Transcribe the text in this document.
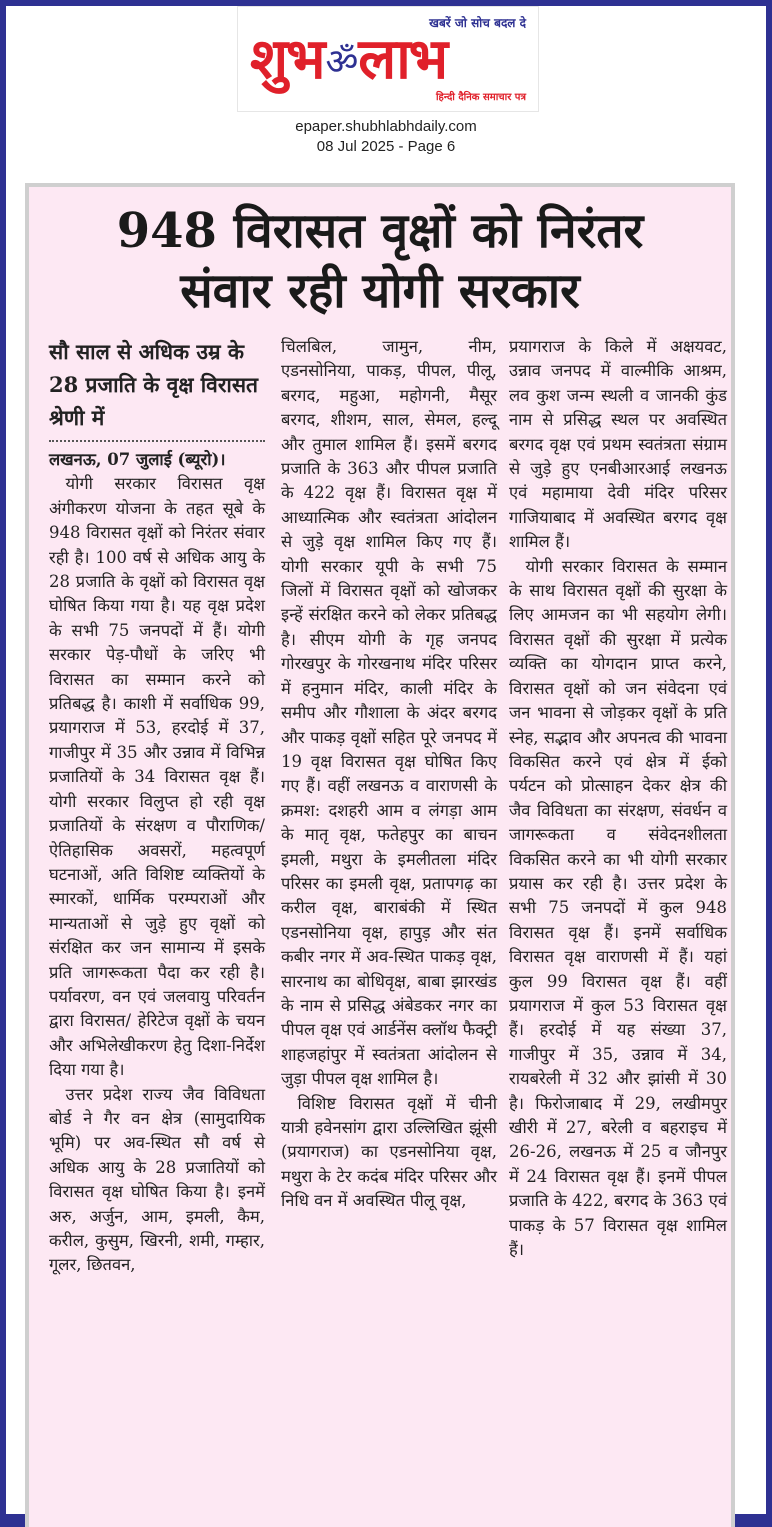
खबरें जो सोच बदल दे
शुभॐलाभ
हिन्दी दैनिक समाचार पत्र
epaper.shubhlabhdaily.com
08 Jul 2025 - Page 6
948 विरासत वृक्षों को निरंतर
संवार रही योगी सरकार
सौ साल से अधिक उम्र के 28 प्रजाति के वृक्ष विरासत श्रेणी में

लखनऊ, 07 जुलाई (ब्यूरो)।

योगी सरकार विरासत वृक्ष अंगीकरण योजना के तहत सूबे के 948 विरासत वृक्षों को निरंतर संवार रही है। 100 वर्ष से अधिक आयु के 28 प्रजाति के वृक्षों को विरासत वृक्ष घोषित किया गया है। यह वृक्ष प्रदेश के सभी 75 जनपदों में हैं। योगी सरकार पेड़-पौधों के जरिए भी विरासत का सम्मान करने को प्रतिबद्ध है। काशी में सर्वाधिक 99, प्रयागराज में 53, हरदोई में 37, गाजीपुर में 35 और उन्नाव में विभिन्न प्रजातियों के 34 विरासत वृक्ष हैं। योगी सरकार विलुप्त हो रही वृक्ष प्रजातियों के संरक्षण व पौराणिक/ऐतिहासिक अवसरों, महत्वपूर्ण घटनाओं, अति विशिष्ट व्यक्तियों के स्मारकों, धार्मिक परम्पराओं और मान्यताओं से जुड़े हुए वृक्षों को संरक्षित कर जन सामान्य में इसके प्रति जागरूकता पैदा कर रही है। पर्यावरण, वन एवं जलवायु परिवर्तन द्वारा विरासत/ हेरिटेज वृक्षों के चयन और अभिलेखीकरण हेतु दिशा-निर्देश दिया गया है।

उत्तर प्रदेश राज्य जैव विविधता बोर्ड ने गैर वन क्षेत्र (सामुदायिक भूमि) पर अव-स्थित सौ वर्ष से अधिक आयु के 28 प्रजातियों को विरासत वृक्ष घोषित किया है। इनमें अरु, अर्जुन, आम, इमली, कैम, करील, कुसुम, खिरनी, शमी, गम्हार, गूलर, छितवन,

चिलबिल, जामुन, नीम, एडनसोनिया, पाकड़, पीपल, पीलू, बरगद, महुआ, महोगनी, मैसूर बरगद, शीशम, साल, सेमल, हल्दू और तुमाल शामिल हैं। इसमें बरगद प्रजाति के 363 और पीपल प्रजाति के 422 वृक्ष हैं। विरासत वृक्ष में आध्यात्मिक और स्वतंत्रता आंदोलन से जुड़े वृक्ष शामिल किए गए हैं। योगी सरकार यूपी के सभी 75 जिलों में विरासत वृक्षों को खोजकर इन्हें संरक्षित करने को लेकर प्रतिबद्ध है। सीएम योगी के गृह जनपद गोरखपुर के गोरखनाथ मंदिर परिसर में हनुमान मंदिर, काली मंदिर के समीप और गौशाला के अंदर बरगद और पाकड़ वृक्षों सहित पूरे जनपद में 19 वृक्ष विरासत वृक्ष घोषित किए गए हैं। वहीं लखनऊ व वाराणसी के क्रमश: दशहरी आम व लंगड़ा आम के मातृ वृक्ष, फतेहपुर का बाचन इमली, मथुरा के इमलीतला मंदिर परिसर का इमली वृक्ष, प्रतापगढ़ का करील वृक्ष, बाराबंकी में स्थित एडनसोनिया वृक्ष, हापुड़ और संत कबीर नगर में अव-स्थित पाकड़ वृक्ष, सारनाथ का बोधिवृक्ष, बाबा झारखंड के नाम से प्रसिद्ध अंबेडकर नगर का पीपल वृक्ष एवं आर्डनेंस क्लॉथ फैक्ट्री शाहजहांपुर में स्वतंत्रता आंदोलन से जुड़ा पीपल वृक्ष शामिल है।

विशिष्ट विरासत वृक्षों में चीनी यात्री हवेनसांग द्वारा उल्लिखित झूंसी (प्रयागराज) का एडनसोनिया वृक्ष, मथुरा के टेर कदंब मंदिर परिसर और निधि वन में अवस्थित पीलू वृक्ष,

प्रयागराज के किले में अक्षयवट, उन्नाव जनपद में वाल्मीकि आश्रम, लव कुश जन्म स्थली व जानकी कुंड नाम से प्रसिद्ध स्थल पर अवस्थित बरगद वृक्ष एवं प्रथम स्वतंत्रता संग्राम से जुड़े हुए एनबीआरआई लखनऊ एवं महामाया देवी मंदिर परिसर गाजियाबाद में अवस्थित बरगद वृक्ष शामिल हैं।

योगी सरकार विरासत के सम्मान के साथ विरासत वृक्षों की सुरक्षा के लिए आमजन का भी सहयोग लेगी। विरासत वृक्षों की सुरक्षा में प्रत्येक व्यक्ति का योगदान प्राप्त करने, विरासत वृक्षों को जन संवेदना एवं जन भावना से जोड़कर वृक्षों के प्रति स्नेह, सद्भाव और अपनत्व की भावना विकसित करने एवं क्षेत्र में ईको पर्यटन को प्रोत्साहन देकर क्षेत्र की जैव विविधता का संरक्षण, संवर्धन व जागरूकता व संवेदनशीलता विकसित करने का भी योगी सरकार प्रयास कर रही है। उत्तर प्रदेश के सभी 75 जनपदों में कुल 948 विरासत वृक्ष हैं। इनमें सर्वाधिक विरासत वृक्ष वाराणसी में हैं। यहां कुल 99 विरासत वृक्ष हैं। वहीं प्रयागराज में कुल 53 विरासत वृक्ष हैं। हरदोई में यह संख्या 37, गाजीपुर में 35, उन्नाव में 34, रायबरेली में 32 और झांसी में 30 है। फिरोजाबाद में 29, लखीमपुर खीरी में 27, बरेली व बहराइच में 26-26, लखनऊ में 25 व जौनपुर में 24 विरासत वृक्ष हैं। इनमें पीपल प्रजाति के 422, बरगद के 363 एवं पाकड़ के 57 विरासत वृक्ष शामिल हैं।
